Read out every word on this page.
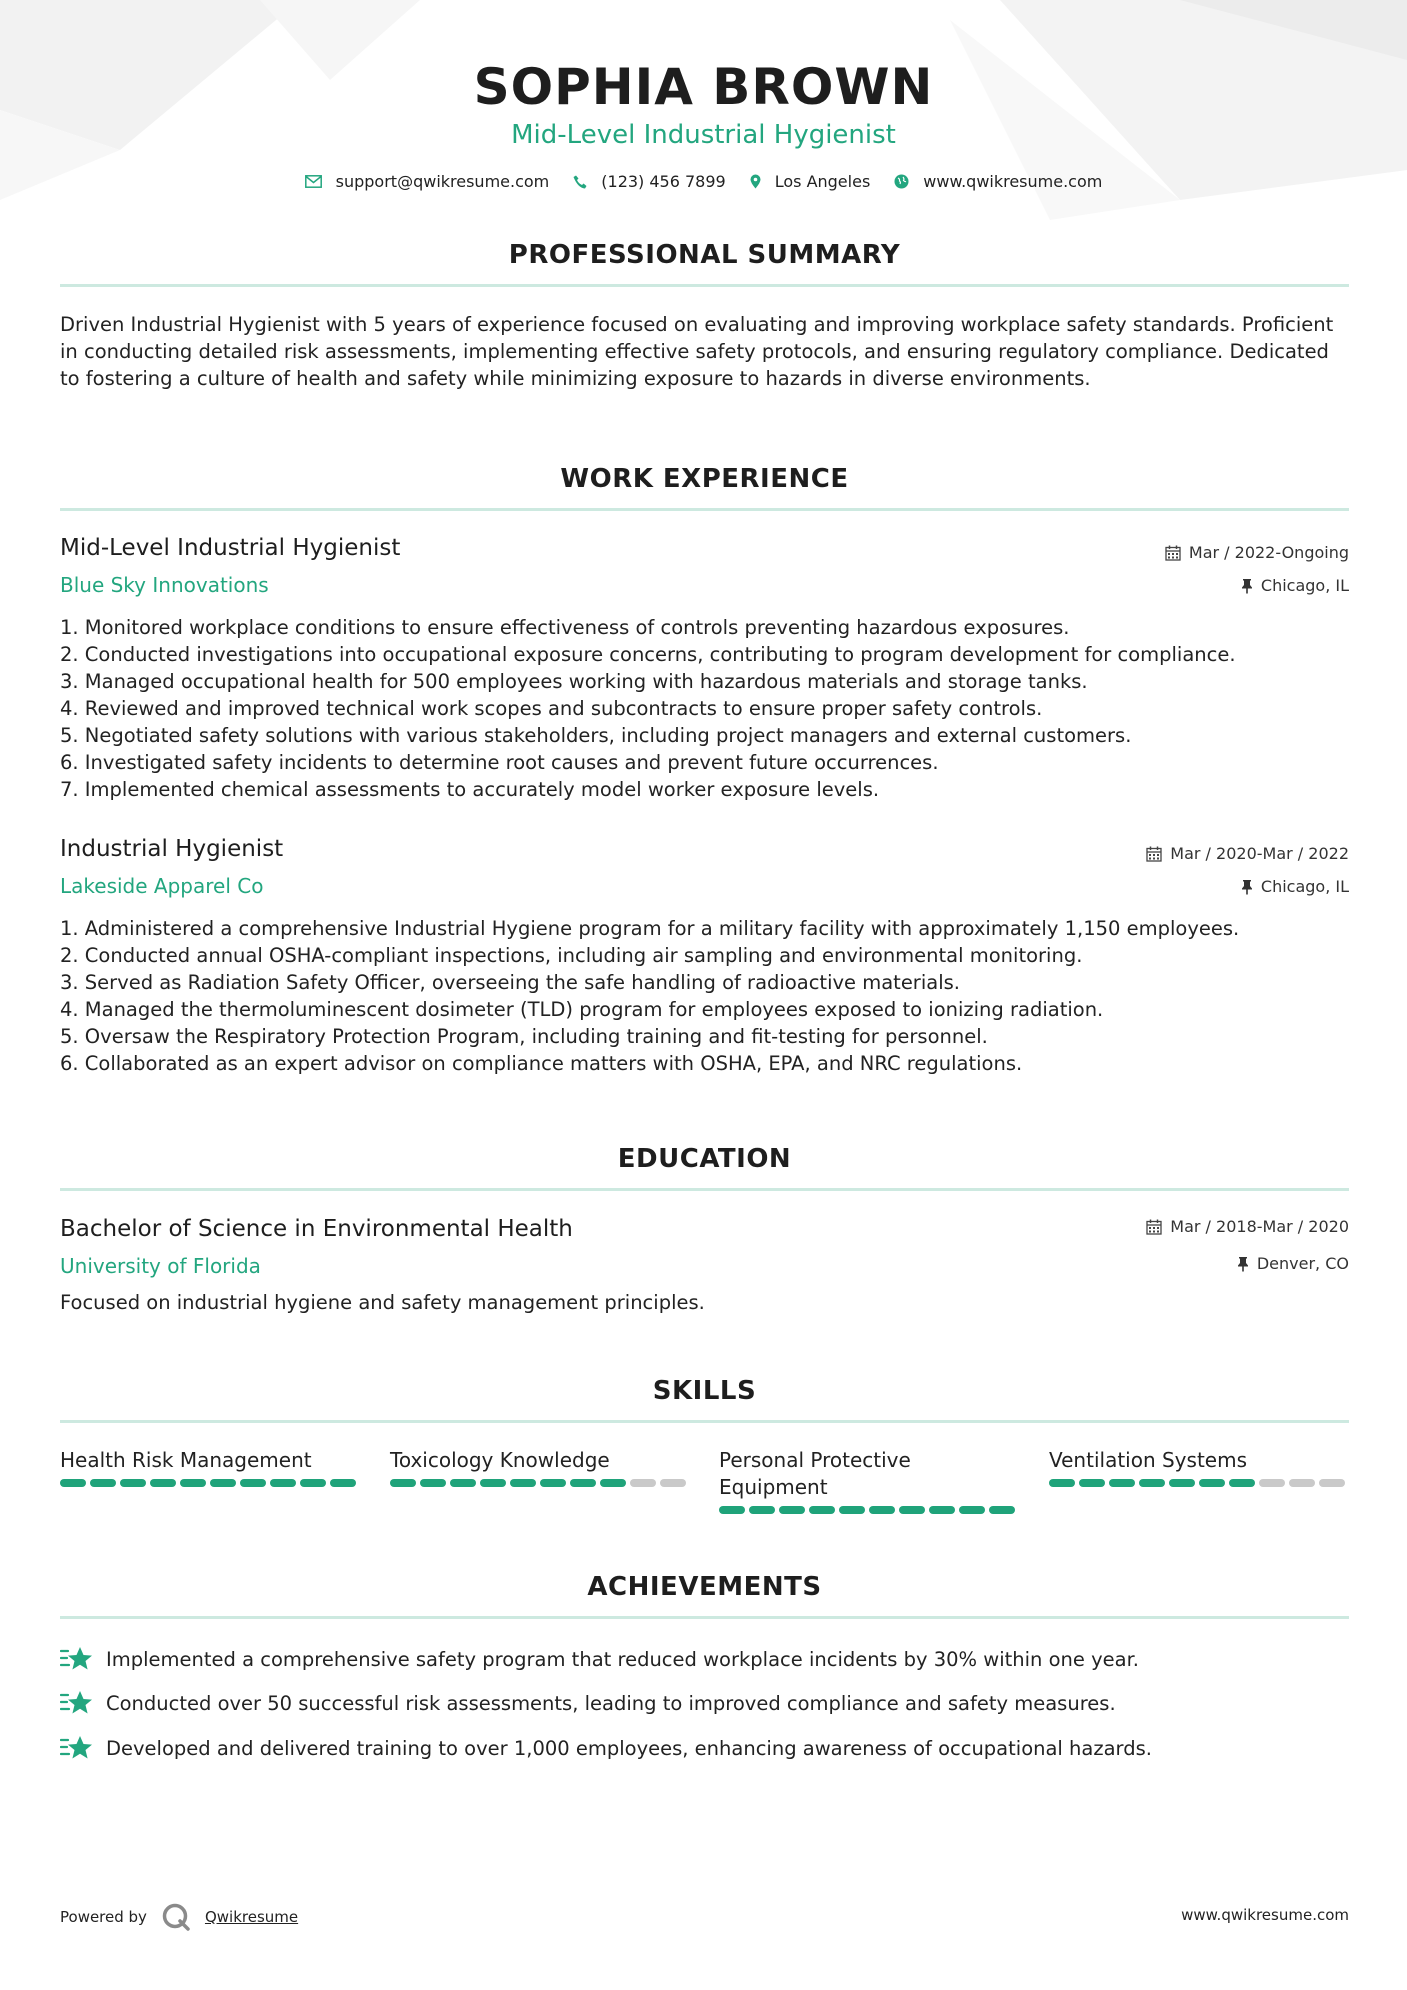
SOPHIA BROWN
Mid-Level Industrial Hygienist
support@qwikresume.com	(123) 456 7899	Los Angeles	www.qwikresume.com
PROFESSIONAL SUMMARY
Driven Industrial Hygienist with 5 years of experience focused on evaluating and improving workplace safety standards. Proficient in conducting detailed risk assessments, implementing effective safety protocols, and ensuring regulatory compliance. Dedicated to fostering a culture of health and safety while minimizing exposure to hazards in diverse environments.
WORK EXPERIENCE
Mid-Level Industrial Hygienist	Mar / 2022-Ongoing
Blue Sky Innovations	Chicago, IL
1. Monitored workplace conditions to ensure effectiveness of controls preventing hazardous exposures.
2. Conducted investigations into occupational exposure concerns, contributing to program development for compliance.
3. Managed occupational health for 500 employees working with hazardous materials and storage tanks.
4. Reviewed and improved technical work scopes and subcontracts to ensure proper safety controls.
5. Negotiated safety solutions with various stakeholders, including project managers and external customers.
6. Investigated safety incidents to determine root causes and prevent future occurrences.
7. Implemented chemical assessments to accurately model worker exposure levels.
Industrial Hygienist	Mar / 2020-Mar / 2022
Lakeside Apparel Co	Chicago, IL
1. Administered a comprehensive Industrial Hygiene program for a military facility with approximately 1,150 employees.
2. Conducted annual OSHA-compliant inspections, including air sampling and environmental monitoring.
3. Served as Radiation Safety Officer, overseeing the safe handling of radioactive materials.
4. Managed the thermoluminescent dosimeter (TLD) program for employees exposed to ionizing radiation.
5. Oversaw the Respiratory Protection Program, including training and fit-testing for personnel.
6. Collaborated as an expert advisor on compliance matters with OSHA, EPA, and NRC regulations.
EDUCATION
Bachelor of Science in Environmental Health	Mar / 2018-Mar / 2020
University of Florida	Denver, CO
Focused on industrial hygiene and safety management principles.
SKILLS
Health Risk Management	Toxicology Knowledge	Personal Protective Equipment
Ventilation Systems
ACHIEVEMENTS
Implemented a comprehensive safety program that reduced workplace incidents by 30% within one year.
Conducted over 50 successful risk assessments, leading to improved compliance and safety measures.
Developed and delivered training to over 1,000 employees, enhancing awareness of occupational hazards.
Powered by	Qwikresume	www.qwikresume.com
